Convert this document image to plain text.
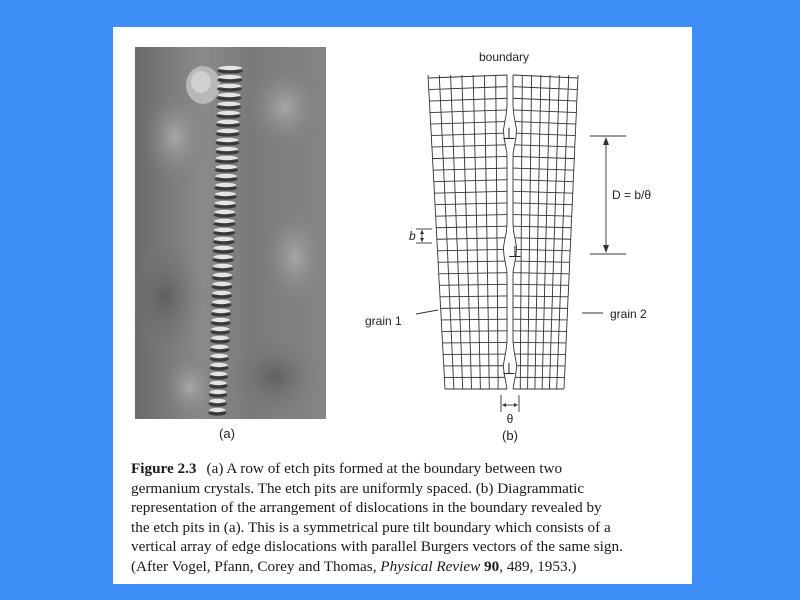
⊥
⊥
⊥
boundary
D = b/θ
b
grain 1	grain 2
θ
(b)
(a)

Figure 2.3 (a) A row of etch pits formed at the boundary between two
germanium crystals. The etch pits are uniformly spaced. (b) Diagrammatic
representation of the arrangement of dislocations in the boundary revealed by
the etch pits in (a). This is a symmetrical pure tilt boundary which consists of a
vertical array of edge dislocations with parallel Burgers vectors of the same sign.
(After Vogel, Pfann, Corey and Thomas, Physical Review 90, 489, 1953.)
